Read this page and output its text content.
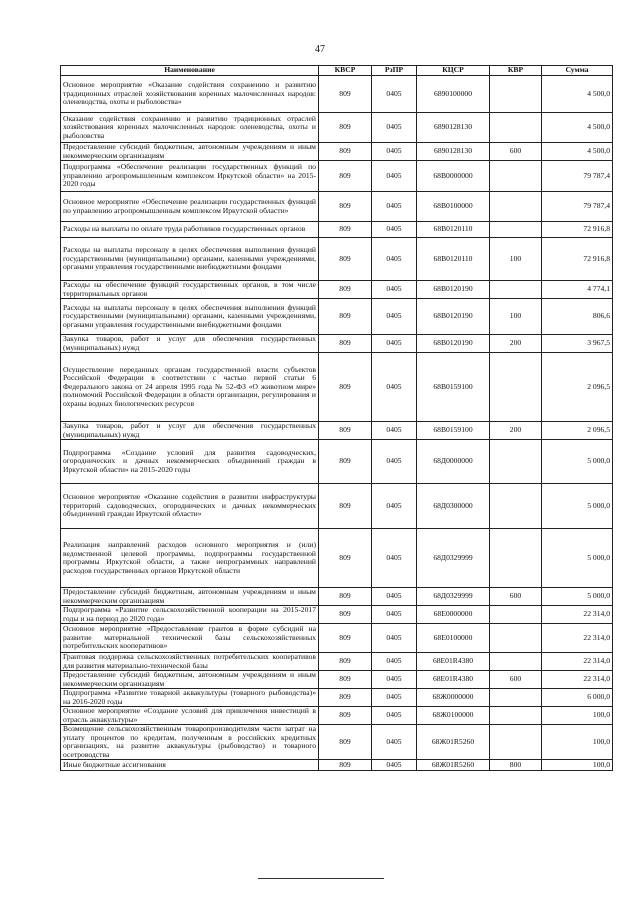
47
Наименование	КВСР	РзПР	КЦСР	КВР	Сумма
Основное мероприятие «Оказание содействия сохранению и развитию традиционных отраслей хозяйствования коренных малочисленных народов: оленеводства, охоты и рыболовства»	809	0405	6890100000		4 500,0
Оказание содействия сохранению и развитию традиционных отраслей хозяйствования коренных малочисленных народов: оленеводства, охоты и рыболовства	809	0405	6890128130		4 500,0
Предоставление субсидий бюджетным, автономным учреждениям и иным некоммерческим организациям	809	0405	6890128130	600	4 500,0
Подпрограмма «Обеспечение реализации государственных функций по управлению агропромышленным комплексом Иркутской области» на 2015-2020 годы	809	0405	68В0000000		79 787,4
Основное мероприятие «Обеспечение реализации государственных функций по управлению агропромышленным комплексом Иркутской области»	809	0405	68В0100000		79 787,4
Расходы на выплаты по оплате труда работников государственных органов	809	0405	68В0120110		72 916,8
Расходы на выплаты персоналу в целях обеспечения выполнения функций государственными (муниципальными) органами, казенными учреждениями, органами управления государственными внебюджетными фондами	809	0405	68В0120110	100	72 916,8
Расходы на обеспечение функций государственных органов, в том числе территориальных органов	809	0405	68В0120190		4 774,1
Расходы на выплаты персоналу в целях обеспечения выполнения функций государственными (муниципальными) органами, казенными учреждениями, органами управления государственными внебюджетными фондами	809	0405	68В0120190	100	806,6
Закупка товаров, работ и услуг для обеспечения государственных (муниципальных) нужд	809	0405	68В0120190	200	3 967,5
Осуществление переданных органам государственной власти субъектов Российской Федерации в соответствии с частью первой статьи 6 Федерального закона от 24 апреля 1995 года № 52-ФЗ «О животном мире» полномочий Российской Федерации в области организации, регулирования и охраны водных биологических ресурсов	809	0405	68В0159100		2 096,5
Закупка товаров, работ и услуг для обеспечения государственных (муниципальных) нужд	809	0405	68В0159100	200	2 096,5
Подпрограмма «Создание условий для развития садоводческих, огороднических и дачных некоммерческих объединений граждан в Иркутской области» на 2015-2020 годы	809	0405	68Д0000000		5 000,0
Основное мероприятие «Оказание содействия в развитии инфраструктуры территорий садоводческих, огороднических и дачных некоммерческих объединений граждан Иркутской области»	809	0405	68Д0300000		5 000,0
Реализация направлений расходов основного мероприятия и (или) ведомственной целевой программы, подпрограммы государственной программы Иркутской области, а также непрограммных направлений расходов государственных органов Иркутской области	809	0405	68Д0329999		5 000,0
Предоставление субсидий бюджетным, автономным учреждениям и иным некоммерческим организациям	809	0405	68Д0329999	600	5 000,0
Подпрограмма «Развитие сельскохозяйственной кооперации на 2015-2017 годы и на период до 2020 года»	809	0405	68Е0000000		22 314,0
Основное мероприятие «Предоставление грантов в форме субсидий на развитие материальной технической базы сельскохозяйственных потребительских кооперативов»	809	0405	68Е0100000		22 314,0
Грантовая поддержка сельскохозяйственных потребительских кооперативов для развития материально-технической базы	809	0405	68Е01R4380		22 314,0
Предоставление субсидий бюджетным, автономным учреждениям и иным некоммерческим организациям	809	0405	68Е01R4380	600	22 314,0
Подпрограмма «Развитие товарной аквакультуры (товарного рыбоводства)» на 2016-2020 годы	809	0405	68Ж0000000		6 000,0
Основное мероприятие «Создание условий для привлечения инвестиций в отрасль аквакультуры»	809	0405	68Ж0100000		100,0
Возмещение сельскохозяйственным товаропроизводителям части затрат на уплату процентов по кредитам, полученным в российских кредитных организациях, на развитие аквакультуры (рыбоводство) и товарного осетроводства	809	0405	68Ж01R5260		100,0
Иные бюджетные ассигнования	809	0405	68Ж01R5260	800	100,0
